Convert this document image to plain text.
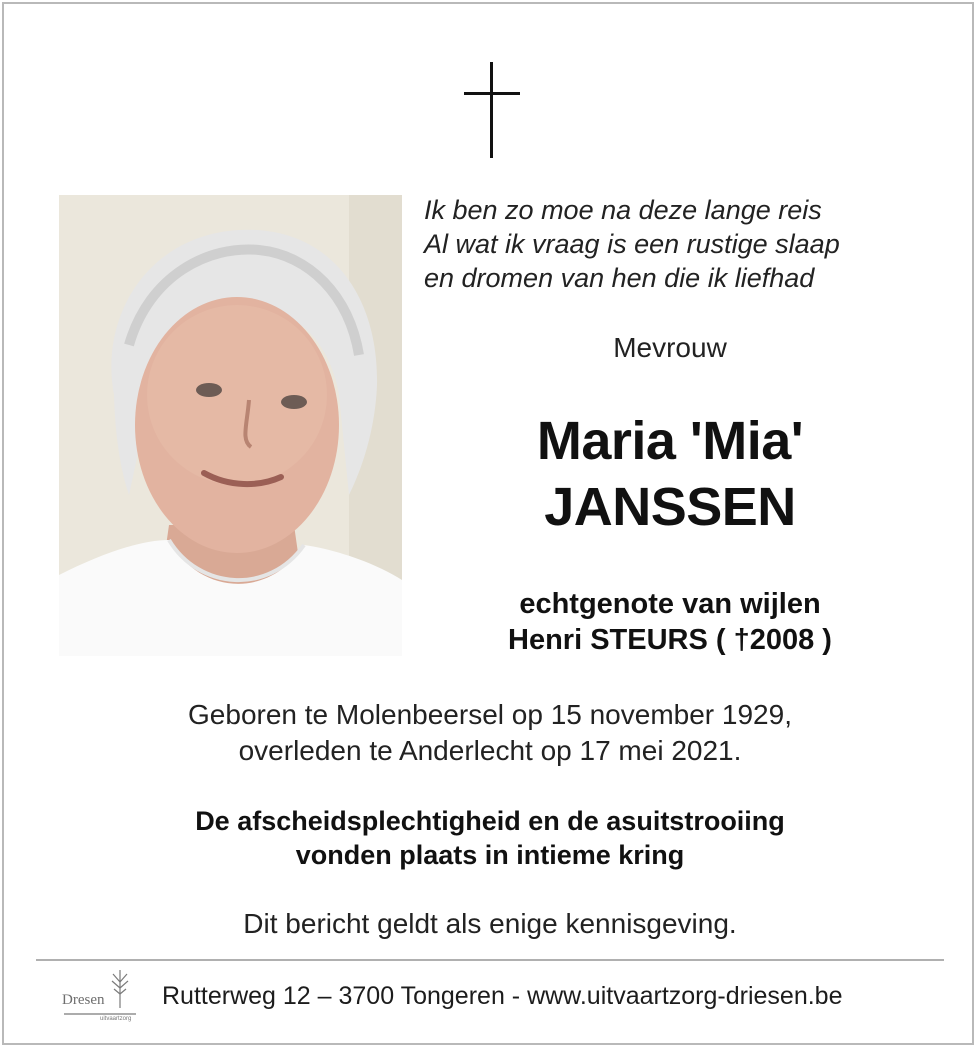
Ik ben zo moe na deze lange reis
Al wat ik vraag is een rustige slaap
en dromen van hen die ik liefhad
Mevrouw
Maria 'Mia'
JANSSEN
echtgenote van wijlen
Henri STEURS ( †2008 )
Geboren te Molenbeersel op 15 november 1929,
overleden te Anderlecht op 17 mei 2021.
De afscheidsplechtigheid en de asuitstrooiing
vonden plaats in intieme kring
Dit bericht geldt als enige kennisgeving.
Dresen
uitvaartzorg
Rutterweg 12 – 3700 Tongeren - www.uitvaartzorg-driesen.be
